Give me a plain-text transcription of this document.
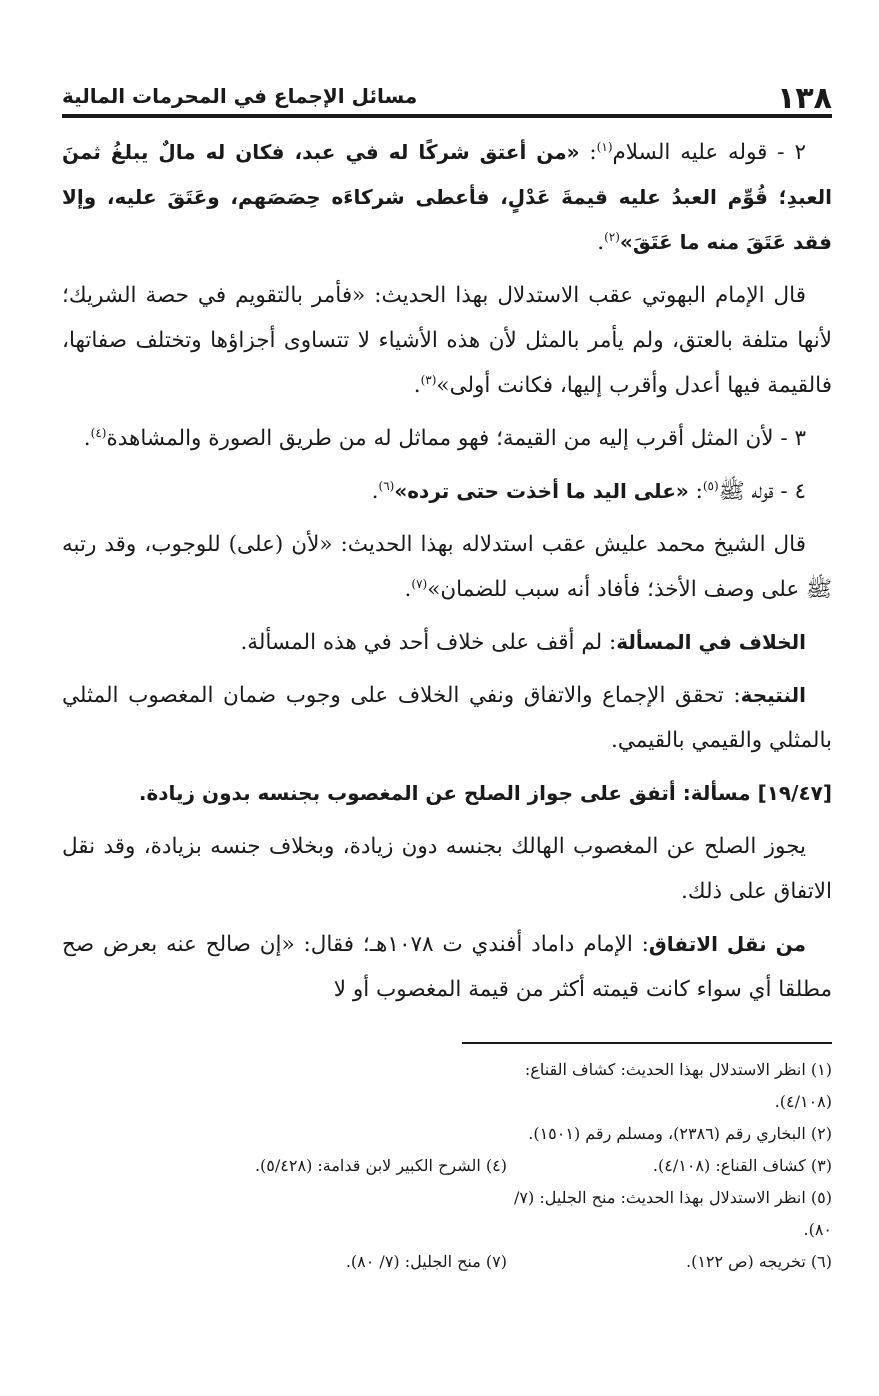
١٣٨
مسائل الإجماع في المحرمات المالية

٢ - قوله عليه السلام$^{(١)}$: «من أعتق شركًا له في عبد، فكان له مالٌ يبلغُ ثمنَ العبدِ؛ قُوِّم العبدُ عليه قيمةَ عَدْلٍ، فأعطى شركاءَه حِصَصَهم، وعَتَقَ عليه، وإلا فقد عَتَقَ منه ما عَتَقَ»$^{(٢)}$.

قال الإمام البهوتي عقب الاستدلال بهذا الحديث: «فأمر بالتقويم في حصة الشريك؛ لأنها متلفة بالعتق، ولم يأمر بالمثل لأن هذه الأشياء لا تتساوى أجزاؤها وتختلف صفاتها، فالقيمة فيها أعدل وأقرب إليها، فكانت أولى»$^{(٣)}$.

٣ - لأن المثل أقرب إليه من القيمة؛ فهو مماثل له من طريق الصورة والمشاهدة$^{(٤)}$.

٤ - قوله ﷺ$^{(٥)}$: «على اليد ما أخذت حتى ترده»$^{(٦)}$.

قال الشيخ محمد عليش عقب استدلاله بهذا الحديث: «لأن (على) للوجوب، وقد رتبه ﷺ على وصف الأخذ؛ فأفاد أنه سبب للضمان»$^{(٧)}$.

الخلاف في المسألة: لم أقف على خلاف أحد في هذه المسألة.

النتيجة: تحقق الإجماع والاتفاق ونفي الخلاف على وجوب ضمان المغصوب المثلي بالمثلي والقيمي بالقيمي.

[١٩/٤٧] مسألة: أتفق على جواز الصلح عن المغصوب بجنسه بدون زيادة.

يجوز الصلح عن المغصوب الهالك بجنسه دون زيادة، وبخلاف جنسه بزيادة، وقد نقل الاتفاق على ذلك.

من نقل الاتفاق: الإمام داماد أفندي ت ١٠٧٨هـ؛ فقال: «إن صالح عنه بعرض صح مطلقا أي سواء كانت قيمته أكثر من قيمة المغصوب أو لا

(١) انظر الاستدلال بهذا الحديث: كشاف القناع: (٤/١٠٨).
(٢) البخاري رقم (٢٣٨٦)، ومسلم رقم (١٥٠١).
(٣) كشاف القناع: (٤/١٠٨).
(٤) الشرح الكبير لابن قدامة: (٥/٤٢٨).
(٥) انظر الاستدلال بهذا الحديث: منح الجليل: (٧/ ٨٠).
(٦) تخريجه (ص ١٢٢).
(٧) منح الجليل: (٧/ ٨٠).
